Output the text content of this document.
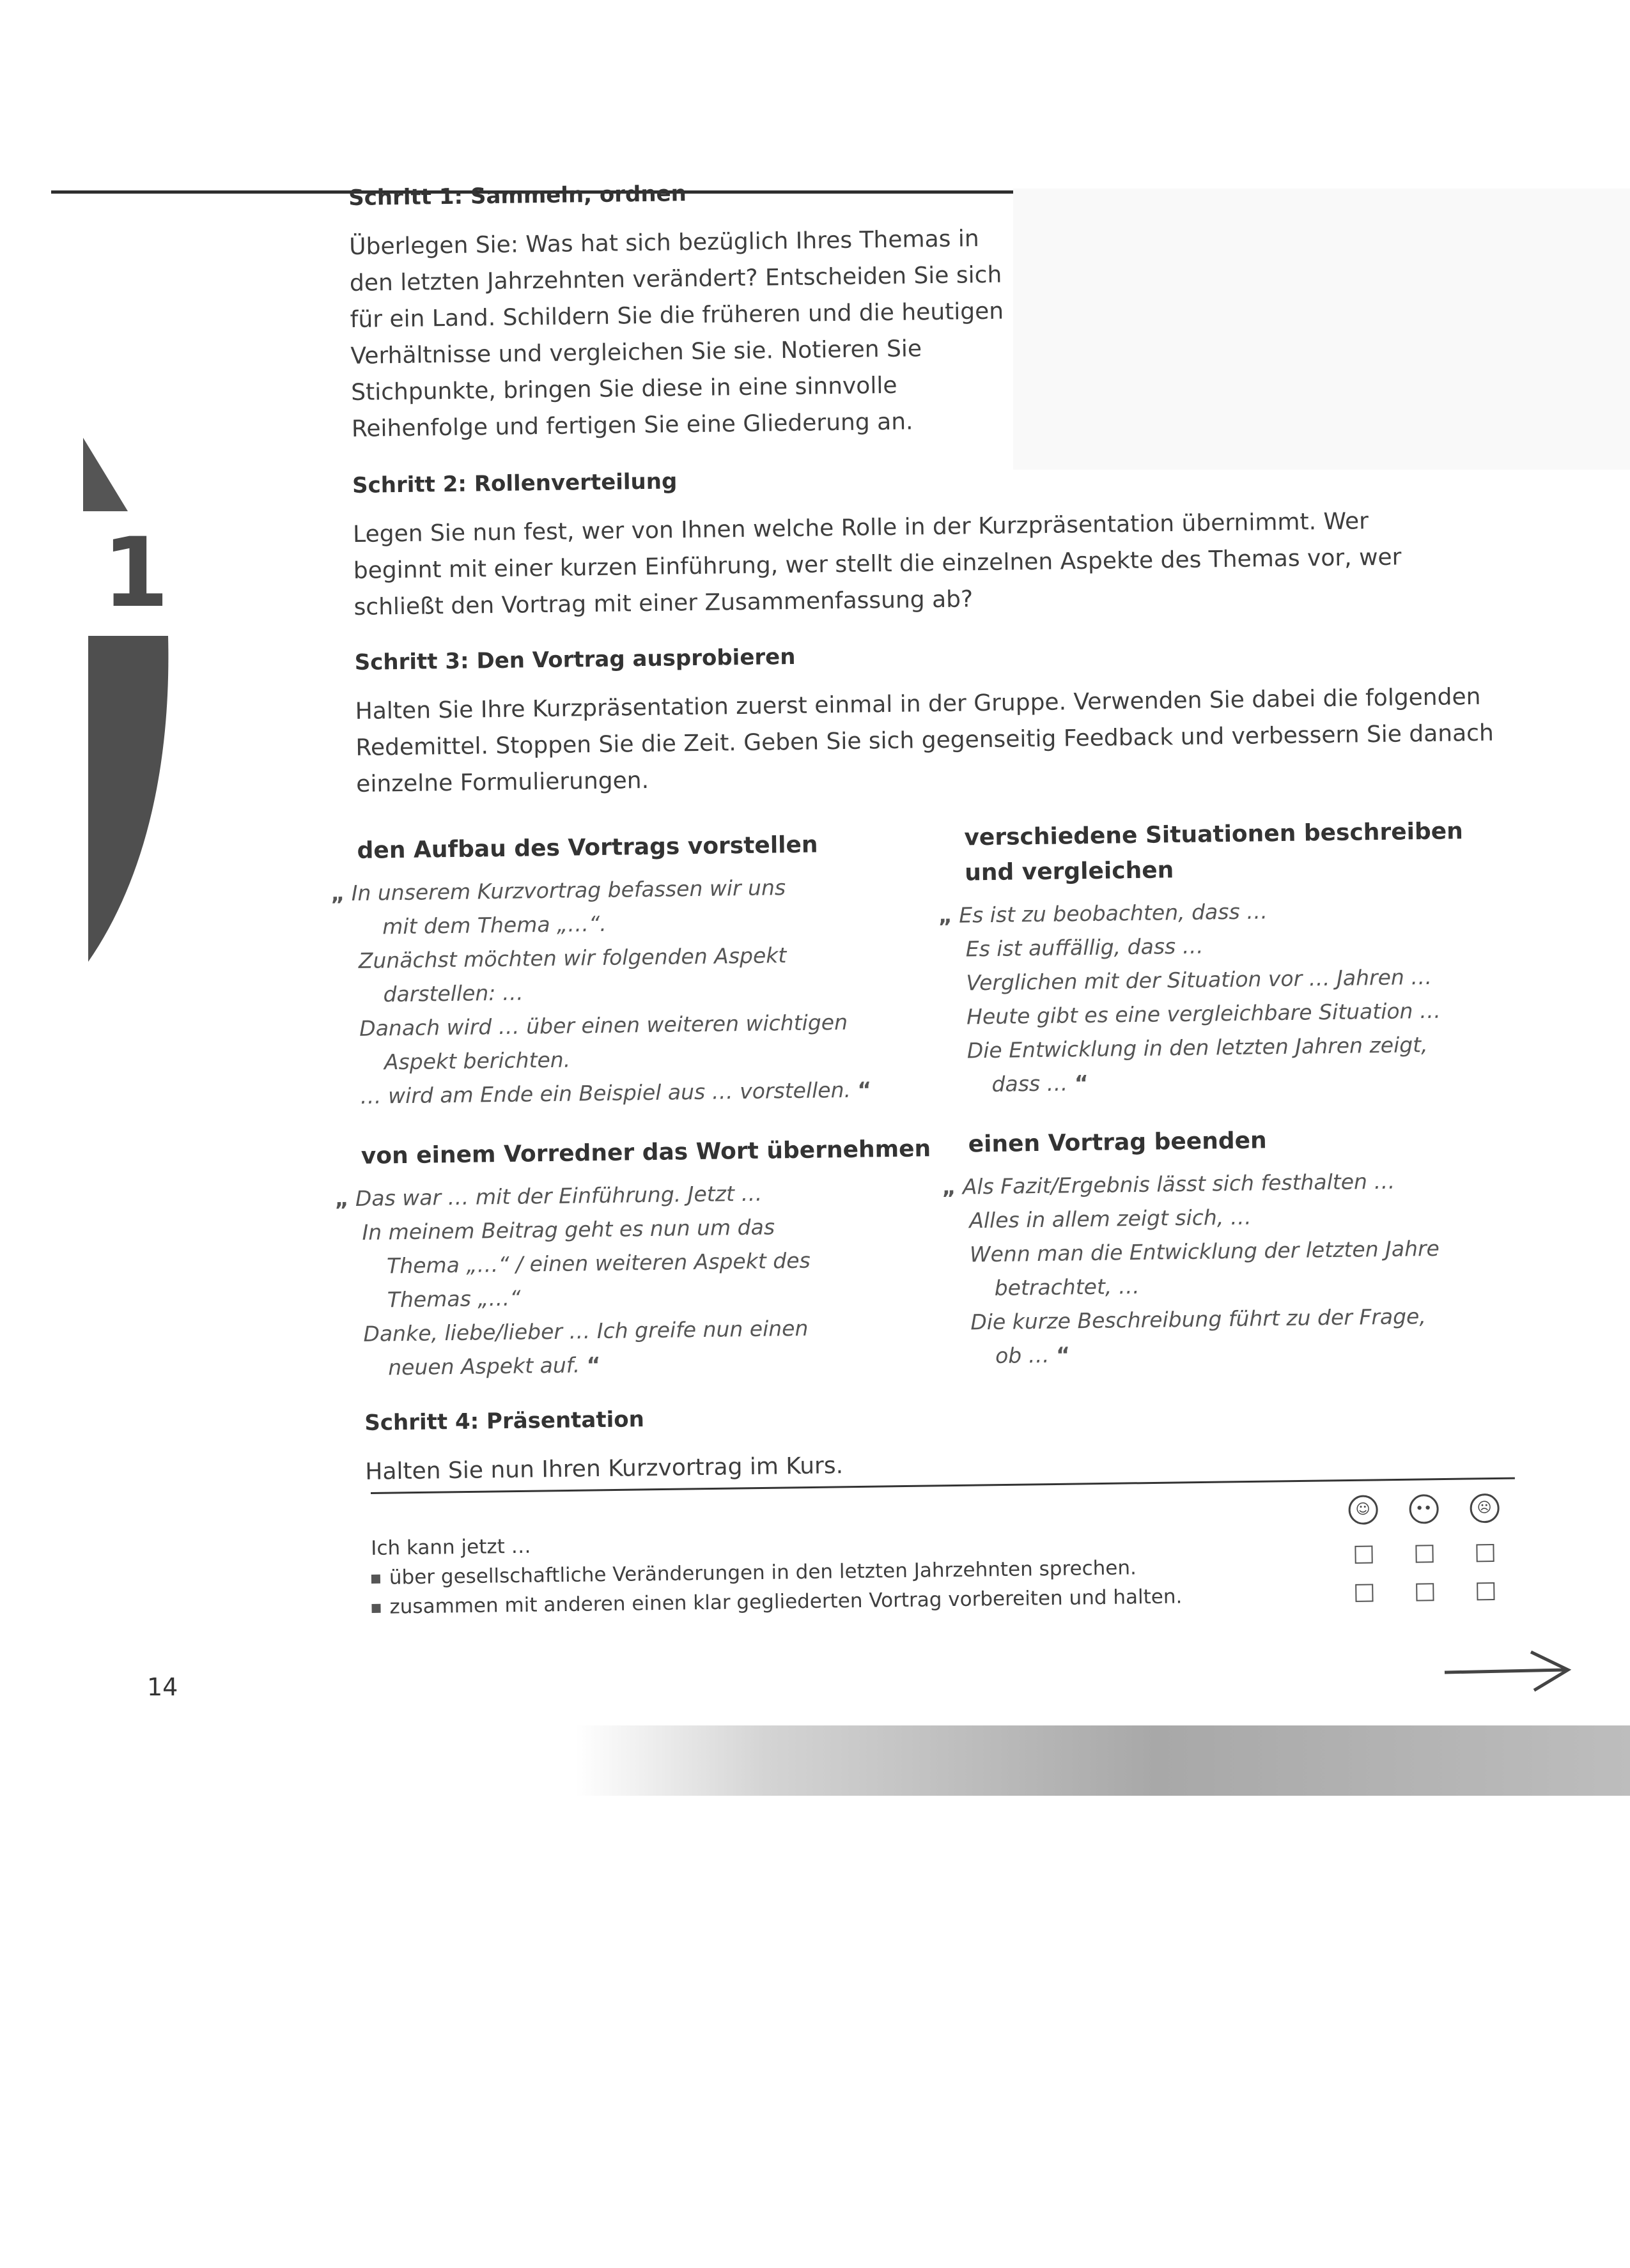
1
Schritt 1: Sammeln, ordnen

Überlegen Sie: Was hat sich bezüglich Ihres Themas in den letzten Jahrzehnten verändert? Entscheiden Sie sich für ein Land. Schildern Sie die früheren und die heutigen Verhältnisse und vergleichen Sie sie. Notieren Sie Stichpunkte, bringen Sie diese in eine sinnvolle Reihenfolge und fertigen Sie eine Gliederung an.

Schritt 2: Rollenverteilung

Legen Sie nun fest, wer von Ihnen welche Rolle in der Kurzpräsentation übernimmt. Wer beginnt mit einer kurzen Einführung, wer stellt die einzelnen Aspekte des Themas vor, wer schließt den Vortrag mit einer Zusammenfassung ab?

Schritt 3: Den Vortrag ausprobieren

Halten Sie Ihre Kurzpräsentation zuerst einmal in der Gruppe. Verwenden Sie dabei die folgenden Redemittel. Stoppen Sie die Zeit. Geben Sie sich gegenseitig Feedback und verbessern Sie danach einzelne Formulierungen.

den Aufbau des Vortrags vorstellen
„ In unserem Kurzvortrag befassen wir uns
mit dem Thema „…“.
Zunächst möchten wir folgenden Aspekt
darstellen: …
Danach wird … über einen weiteren wichtigen
Aspekt berichten.
… wird am Ende ein Beispiel aus … vorstellen. “
von einem Vorredner das Wort übernehmen
„ Das war … mit der Einführung. Jetzt …
In meinem Beitrag geht es nun um das
Thema „…“ / einen weiteren Aspekt des
Themas „…“
Danke, liebe/lieber … Ich greife nun einen
neuen Aspekt auf. “
Schritt 4: Präsentation

Halten Sie nun Ihren Kurzvortrag im Kurs.

verschiedene Situationen beschreiben
und vergleichen
„ Es ist zu beobachten, dass …
Es ist auffällig, dass …
Verglichen mit der Situation vor … Jahren …
Heute gibt es eine vergleichbare Situation …
Die Entwicklung in den letzten Jahren zeigt,
dass … “
einen Vortrag beenden
„ Als Fazit/Ergebnis lässt sich festhalten …
Alles in allem zeigt sich, …
Wenn man die Entwicklung der letzten Jahre
betrachtet, …
Die kurze Beschreibung führt zu der Frage,
ob … “
Ich kann jetzt …
über gesellschaftliche Veränderungen in den letzten Jahrzehnten sprechen.
zusammen mit anderen einen klar gegliederten Vortrag vorbereiten und halten.
☺	••	☹
14
